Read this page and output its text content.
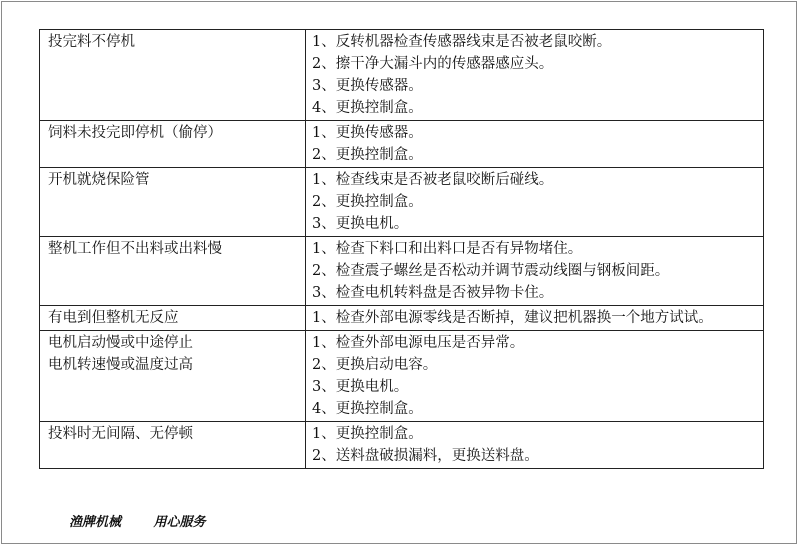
投完料不停机	1、反转机器检查传感器线束是否被老鼠咬断。
2、擦干净大漏斗内的传感器感应头。
3、更换传感器。
4、更换控制盒。

饲料未投完即停机（偷停）	1、更换传感器。
2、更换控制盒。

开机就烧保险管	1、检查线束是否被老鼠咬断后碰线。
2、更换控制盒。
3、更换电机。

整机工作但不出料或出料慢	1、检查下料口和出料口是否有异物堵住。
2、检查震子螺丝是否松动并调节震动线圈与钢板间距。
3、检查电机转料盘是否被异物卡住。

有电到但整机无反应	1、检查外部电源零线是否断掉，建议把机器换一个地方试试。

电机启动慢或中途停止
电机转速慢或温度过高	1、检查外部电源电压是否异常。
2、更换启动电容。
3、更换电机。
4、更换控制盒。

投料时无间隔、无停顿	1、更换控制盒。
2、送料盘破损漏料，更换送料盘。
渔牌机械	用心服务
